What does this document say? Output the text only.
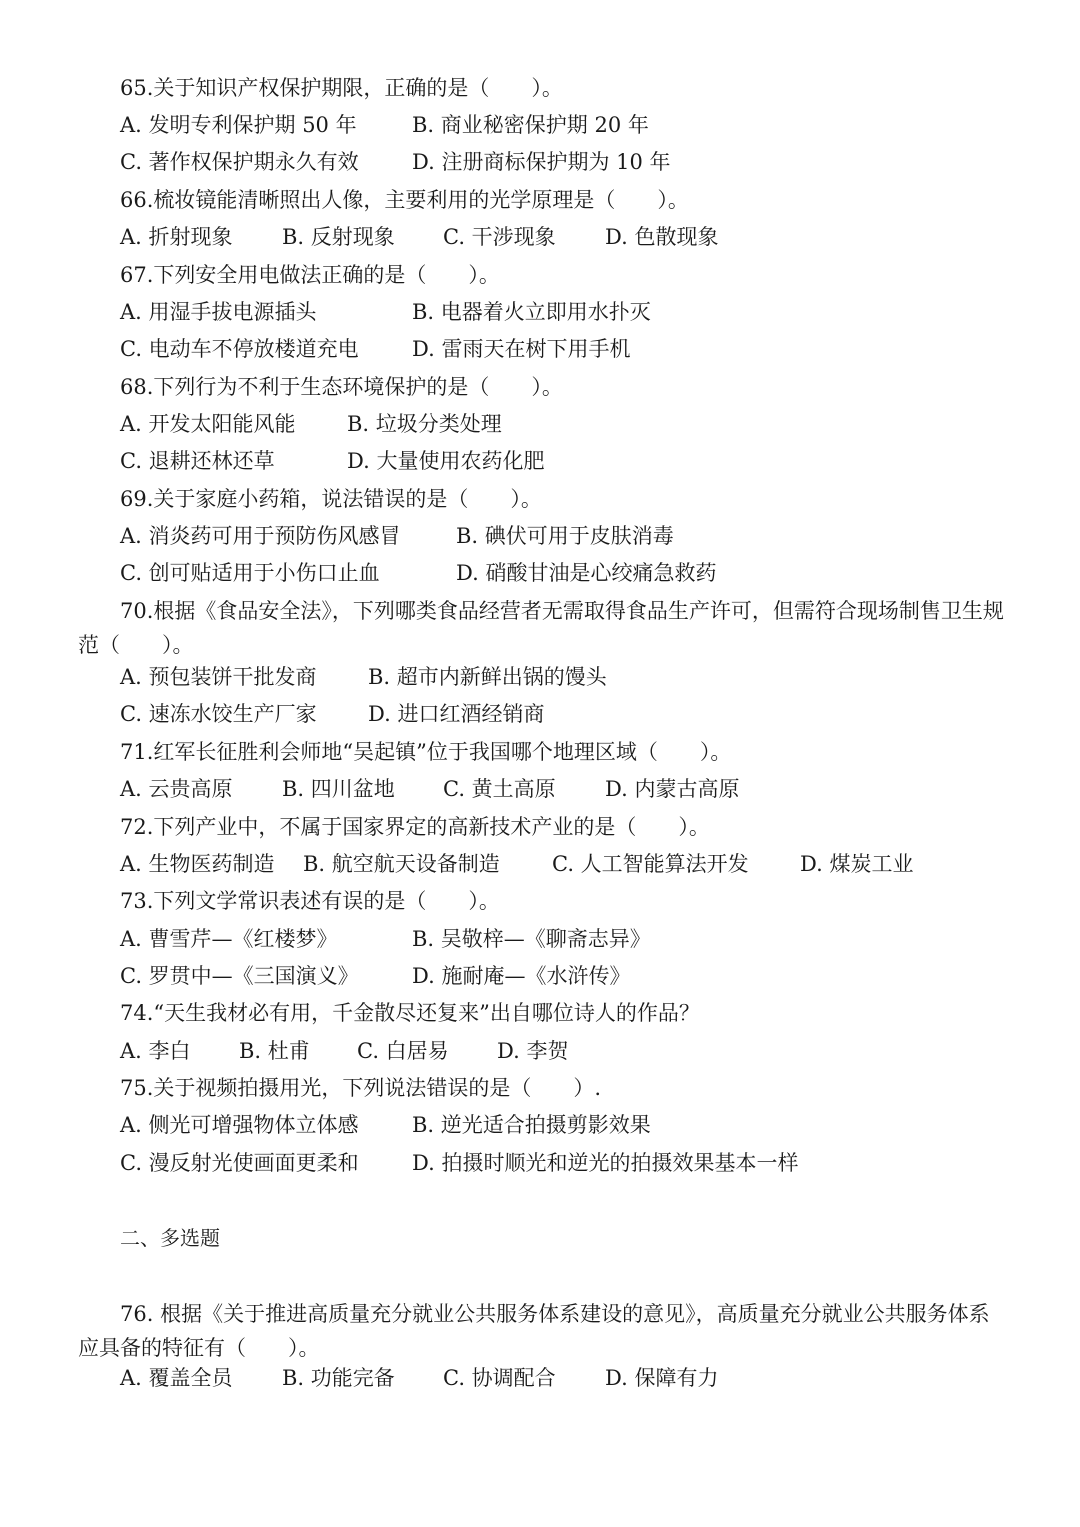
65.关于知识产权保护期限，正确的是（　　）。
A. 发明专利保护期 50 年	B. 商业秘密保护期 20 年
C. 著作权保护期永久有效	D. 注册商标保护期为 10 年
66.梳妆镜能清晰照出人像，主要利用的光学原理是（　　）。
A. 折射现象 B. 反射现象 C. 干涉现象 D. 色散现象
67.下列安全用电做法正确的是（　　）。
A. 用湿手拔电源插头	B. 电器着火立即用水扑灭
C. 电动车不停放楼道充电	D. 雷雨天在树下用手机
68.下列行为不利于生态环境保护的是（　　）。
A. 开发太阳能风能 B. 垃圾分类处理
C. 退耕还林还草	D. 大量使用农药化肥
69.关于家庭小药箱，说法错误的是（　　）。
A. 消炎药可用于预防伤风感冒	B. 碘伏可用于皮肤消毒
C. 创可贴适用于小伤口止血	D. 硝酸甘油是心绞痛急救药
70.根据《食品安全法》，下列哪类食品经营者无需取得食品生产许可，但需符合现场制售卫生规范（　　）。
A. 预包装饼干批发商 B. 超市内新鲜出锅的馒头
C. 速冻水饺生产厂家 D. 进口红酒经销商
71.红军长征胜利会师地“吴起镇”位于我国哪个地理区域（　　）。
A. 云贵高原 B. 四川盆地 C. 黄土高原 D. 内蒙古高原
72.下列产业中，不属于国家界定的高新技术产业的是（　　）。
A. 生物医药制造 B. 航空航天设备制造 C. 人工智能算法开发 D. 煤炭工业
73.下列文学常识表述有误的是（　　）。
A. 曹雪芹—《红楼梦》	B. 吴敬梓—《聊斋志异》
C. 罗贯中—《三国演义》	D. 施耐庵—《水浒传》
74.“天生我材必有用，千金散尽还复来”出自哪位诗人的作品？
A. 李白 B. 杜甫 C. 白居易 D. 李贺
75.关于视频拍摄用光，下列说法错误的是（　　）.
A. 侧光可增强物体立体感	B. 逆光适合拍摄剪影效果
C. 漫反射光使画面更柔和	D. 拍摄时顺光和逆光的拍摄效果基本一样
二、多选题
76. 根据《关于推进高质量充分就业公共服务体系建设的意见》，高质量充分就业公共服务体系应具备的特征有（　　）。
A. 覆盖全员 B. 功能完备 C. 协调配合 D. 保障有力
